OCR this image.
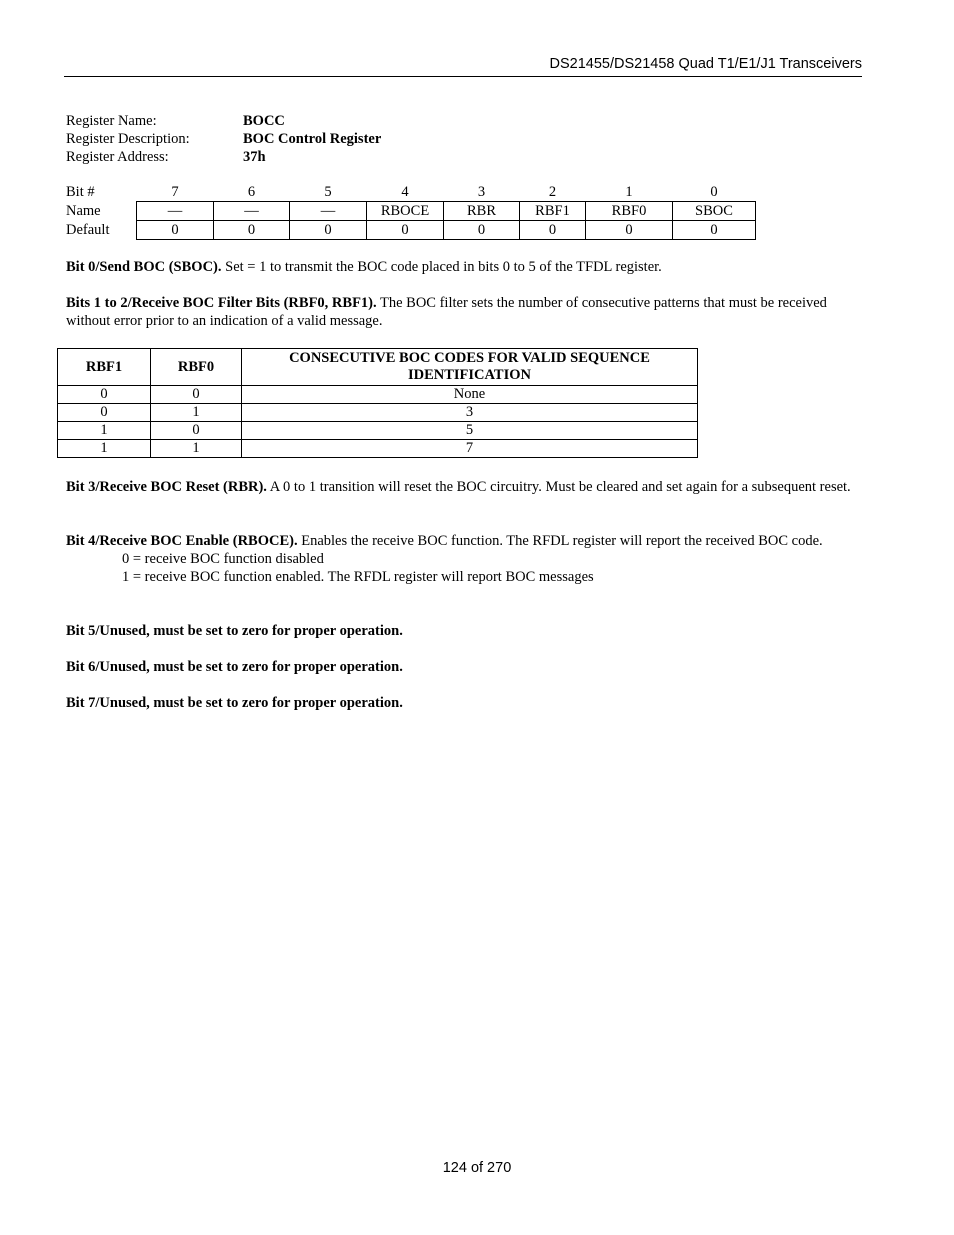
DS21455/DS21458 Quad T1/E1/J1 Transceivers
Register Name:	BOCC
Register Description:	BOC Control Register
Register Address:	37h
Bit #	7	6	5	4	3	2	1	0
Name	—	—	—	RBOCE	RBR	RBF1	RBF0	SBOC
Default	0	0	0	0	0	0	0	0
Bit 0/Send BOC (SBOC). Set = 1 to transmit the BOC code placed in bits 0 to 5 of the TFDL register.
Bits 1 to 2/Receive BOC Filter Bits (RBF0, RBF1). The BOC filter sets the number of consecutive patterns that must be received without error prior to an indication of a valid message.
RBF1	RBF0	CONSECUTIVE BOC CODES FOR VALID SEQUENCE IDENTIFICATION
0	0	None
0	1	3
1	0	5
1	1	7
Bit 3/Receive BOC Reset (RBR). A 0 to 1 transition will reset the BOC circuitry. Must be cleared and set again for a subsequent reset.
Bit 4/Receive BOC Enable (RBOCE). Enables the receive BOC function. The RFDL register will report the received BOC code.
0 = receive BOC function disabled
1 = receive BOC function enabled. The RFDL register will report BOC messages
Bit 5/Unused, must be set to zero for proper operation.
Bit 6/Unused, must be set to zero for proper operation.
Bit 7/Unused, must be set to zero for proper operation.
124 of 270
